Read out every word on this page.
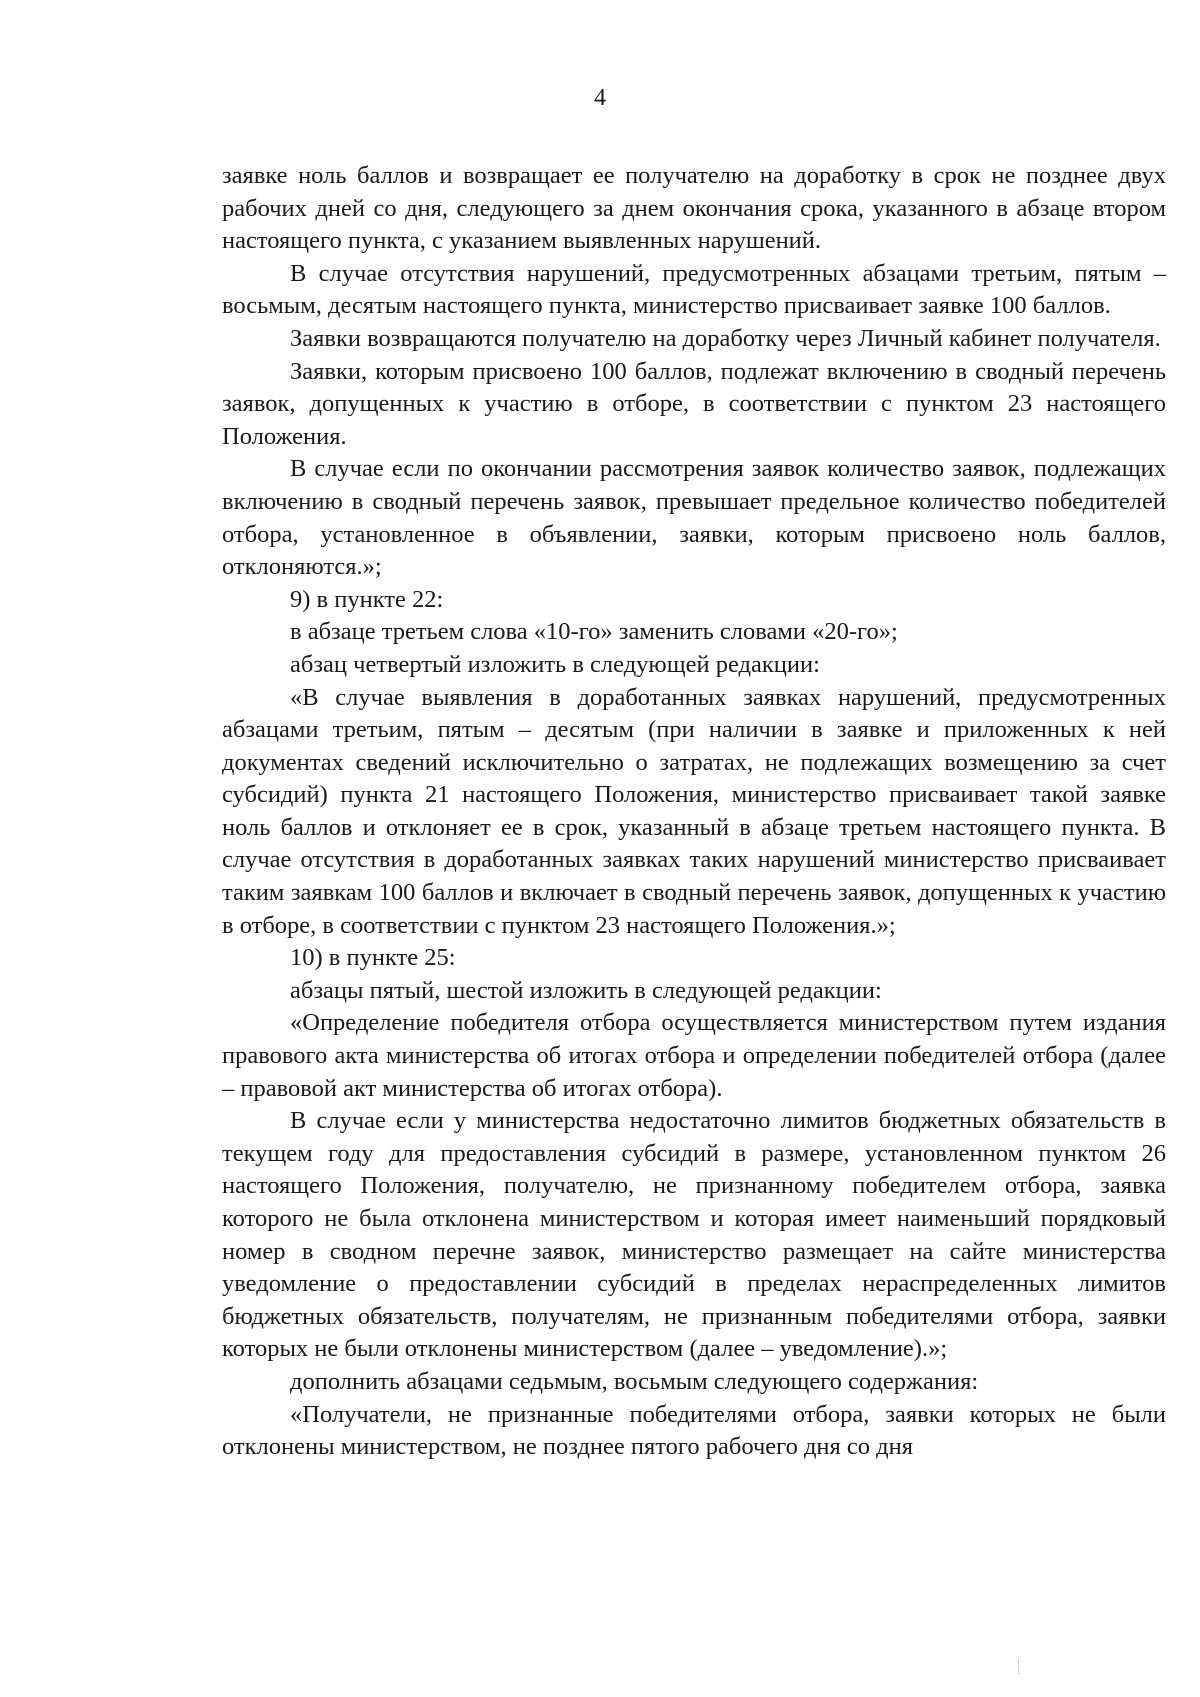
4

заявке ноль баллов и возвращает ее получателю на доработку в срок не позднее двух рабочих дней со дня, следующего за днем окончания срока, указанного в абзаце втором настоящего пункта, с указанием выявленных нарушений.

В случае отсутствия нарушений, предусмотренных абзацами третьим, пятым – восьмым, десятым настоящего пункта, министерство присваивает заявке 100 баллов.

Заявки возвращаются получателю на доработку через Личный кабинет получателя.

Заявки, которым присвоено 100 баллов, подлежат включению в сводный перечень заявок, допущенных к участию в отборе, в соответствии с пунктом 23 настоящего Положения.

В случае если по окончании рассмотрения заявок количество заявок, подлежащих включению в сводный перечень заявок, превышает предельное количество победителей отбора, установленное в объявлении, заявки, которым присвоено ноль баллов, отклоняются.»;

9) в пункте 22:

в абзаце третьем слова «10-го» заменить словами «20-го»;

абзац четвертый изложить в следующей редакции:

«В случае выявления в доработанных заявках нарушений, предусмотренных абзацами третьим, пятым – десятым (при наличии в заявке и приложенных к ней документах сведений исключительно о затратах, не подлежащих возмещению за счет субсидий) пункта 21 настоящего Положения, министерство присваивает такой заявке ноль баллов и отклоняет ее в срок, указанный в абзаце третьем настоящего пункта. В случае отсутствия в доработанных заявках таких нарушений министерство присваивает таким заявкам 100 баллов и включает в сводный перечень заявок, допущенных к участию в отборе, в соответствии с пунктом 23 настоящего Положения.»;

10) в пункте 25:

абзацы пятый, шестой изложить в следующей редакции:

«Определение победителя отбора осуществляется министерством путем издания правового акта министерства об итогах отбора и определении победителей отбора (далее – правовой акт министерства об итогах отбора).

В случае если у министерства недостаточно лимитов бюджетных обязательств в текущем году для предоставления субсидий в размере, установленном пунктом 26 настоящего Положения, получателю, не признанному победителем отбора, заявка которого не была отклонена министерством и которая имеет наименьший порядковый номер в сводном перечне заявок, министерство размещает на сайте министерства уведомление о предоставлении субсидий в пределах нераспределенных лимитов бюджетных обязательств, получателям, не признанным победителями отбора, заявки которых не были отклонены министерством (далее – уведомление).»;

дополнить абзацами седьмым, восьмым следующего содержания:

«Получатели, не признанные победителями отбора, заявки которых не были отклонены министерством, не позднее пятого рабочего дня со дня
